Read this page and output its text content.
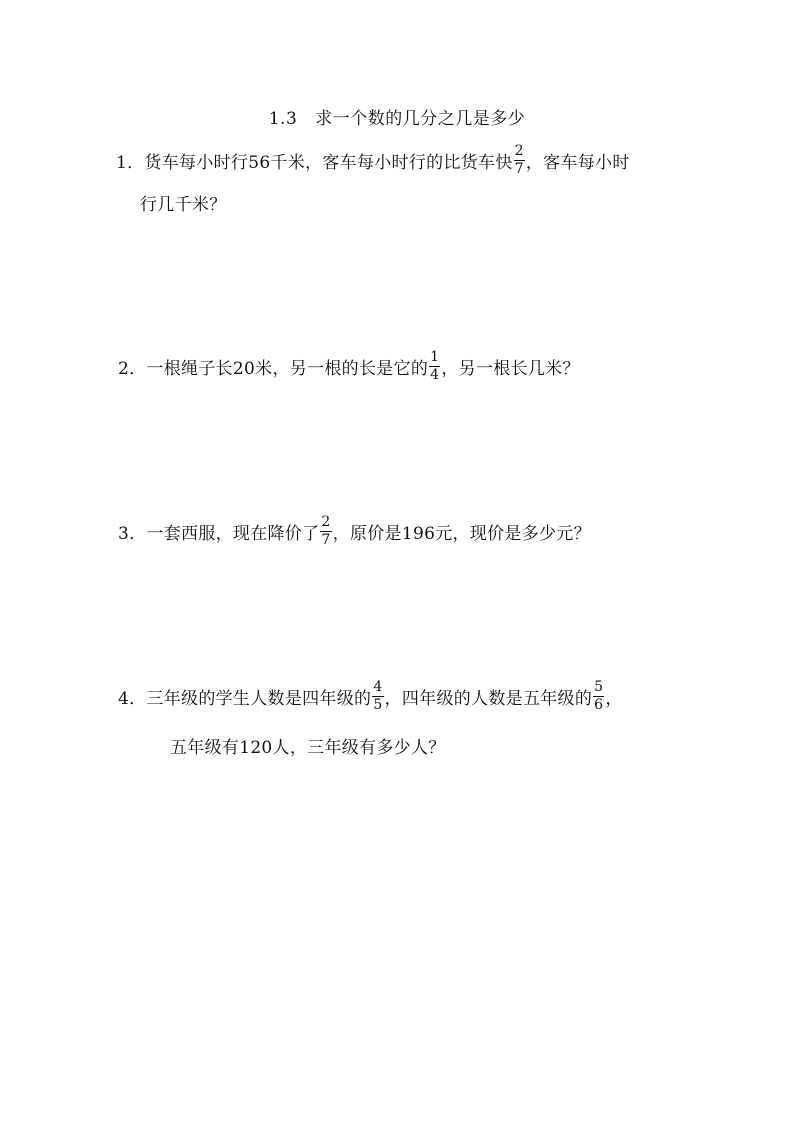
1.3 求一个数的几分之几是多少
1． 货车每小时行56千米，客车每小时行的比货车快 $\frac{2}{7}$ ，客车每小时
行几千米？
2． 一根绳子长20米，另一根的长是它的 $\frac{1}{4}$ ，另一根长几米？
3． 一套西服，现在降价了 $\frac{2}{7}$ ，原价是196元，现价是多少元？
4． 三年级的学生人数是四年级的 $\frac{4}{5}$ ，四年级的人数是五年级的 $\frac{5}{6}$ ，
五年级有120人，三年级有多少人？
